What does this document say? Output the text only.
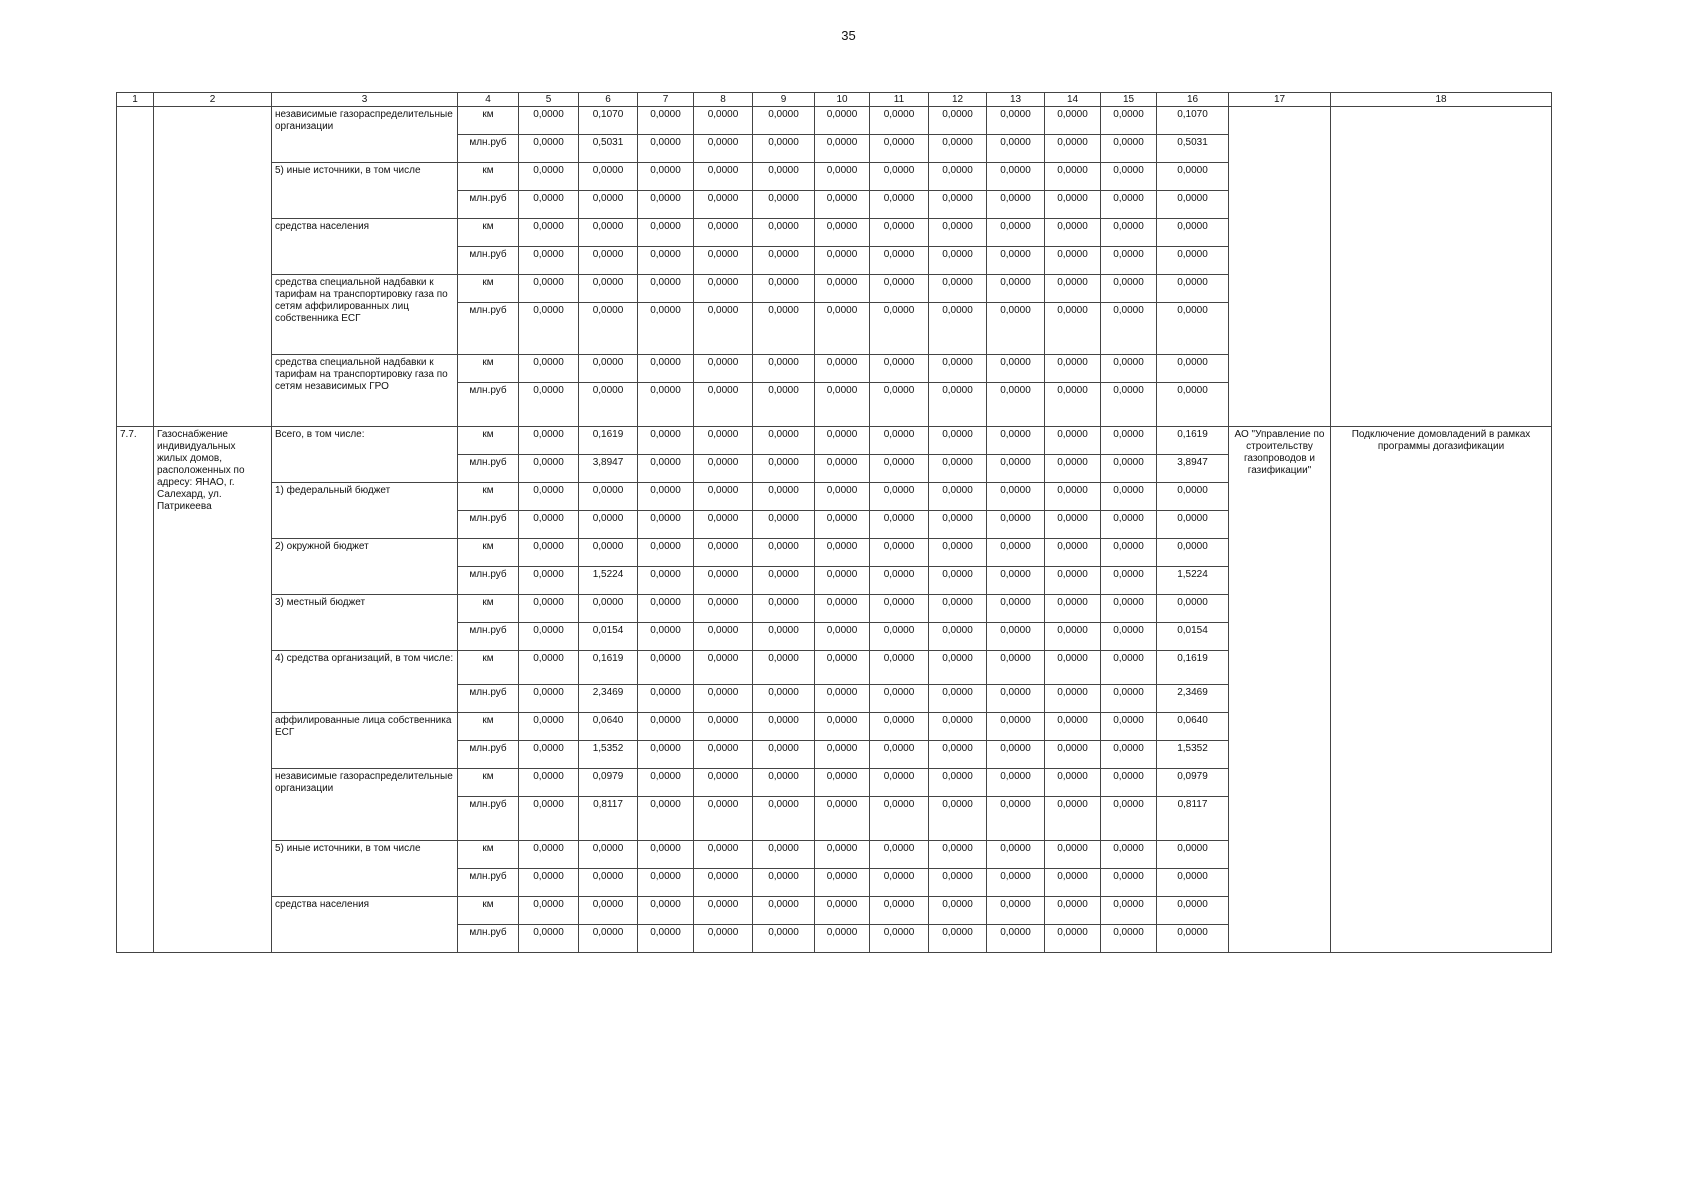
35
1	2	3	4	5	6	7	8	9	10	11	12	13	14	15	16	17	18
		независимые газораспределительные организации	км	0,0000	0,1070	0,0000	0,0000	0,0000	0,0000	0,0000	0,0000	0,0000	0,0000	0,0000	0,1070		
			млн.руб	0,0000	0,5031	0,0000	0,0000	0,0000	0,0000	0,0000	0,0000	0,0000	0,0000	0,0000	0,5031		
		5) иные источники, в том числе	км	0,0000	0,0000	0,0000	0,0000	0,0000	0,0000	0,0000	0,0000	0,0000	0,0000	0,0000	0,0000		
			млн.руб	0,0000	0,0000	0,0000	0,0000	0,0000	0,0000	0,0000	0,0000	0,0000	0,0000	0,0000	0,0000		
		средства населения	км	0,0000	0,0000	0,0000	0,0000	0,0000	0,0000	0,0000	0,0000	0,0000	0,0000	0,0000	0,0000		
			млн.руб	0,0000	0,0000	0,0000	0,0000	0,0000	0,0000	0,0000	0,0000	0,0000	0,0000	0,0000	0,0000		
		средства специальной надбавки к тарифам на транспортировку газа по сетям аффилированных лиц собственника ЕСГ	км	0,0000	0,0000	0,0000	0,0000	0,0000	0,0000	0,0000	0,0000	0,0000	0,0000	0,0000	0,0000		
			млн.руб	0,0000	0,0000	0,0000	0,0000	0,0000	0,0000	0,0000	0,0000	0,0000	0,0000	0,0000	0,0000		
		средства специальной надбавки к тарифам на транспортировку газа по сетям независимых ГРО	км	0,0000	0,0000	0,0000	0,0000	0,0000	0,0000	0,0000	0,0000	0,0000	0,0000	0,0000	0,0000		
			млн.руб	0,0000	0,0000	0,0000	0,0000	0,0000	0,0000	0,0000	0,0000	0,0000	0,0000	0,0000	0,0000		
7.7.	Газоснабжение индивидуальных жилых домов, расположенных по адресу: ЯНАО, г. Салехард, ул. Патрикеева	Всего, в том числе:	км	0,0000	0,1619	0,0000	0,0000	0,0000	0,0000	0,0000	0,0000	0,0000	0,0000	0,0000	0,1619	АО "Управление по строительству газопроводов и газификации"	Подключение домовладений в рамках программы догазификации
			млн.руб	0,0000	3,8947	0,0000	0,0000	0,0000	0,0000	0,0000	0,0000	0,0000	0,0000	0,0000	3,8947		
		1) федеральный бюджет	км	0,0000	0,0000	0,0000	0,0000	0,0000	0,0000	0,0000	0,0000	0,0000	0,0000	0,0000	0,0000		
			млн.руб	0,0000	0,0000	0,0000	0,0000	0,0000	0,0000	0,0000	0,0000	0,0000	0,0000	0,0000	0,0000		
		2) окружной бюджет	км	0,0000	0,0000	0,0000	0,0000	0,0000	0,0000	0,0000	0,0000	0,0000	0,0000	0,0000	0,0000		
			млн.руб	0,0000	1,5224	0,0000	0,0000	0,0000	0,0000	0,0000	0,0000	0,0000	0,0000	0,0000	1,5224		
		3) местный бюджет	км	0,0000	0,0000	0,0000	0,0000	0,0000	0,0000	0,0000	0,0000	0,0000	0,0000	0,0000	0,0000		
			млн.руб	0,0000	0,0154	0,0000	0,0000	0,0000	0,0000	0,0000	0,0000	0,0000	0,0000	0,0000	0,0154		
		4) средства организаций, в том числе:	км	0,0000	0,1619	0,0000	0,0000	0,0000	0,0000	0,0000	0,0000	0,0000	0,0000	0,0000	0,1619		
			млн.руб	0,0000	2,3469	0,0000	0,0000	0,0000	0,0000	0,0000	0,0000	0,0000	0,0000	0,0000	2,3469		
		аффилированные лица собственника ЕСГ	км	0,0000	0,0640	0,0000	0,0000	0,0000	0,0000	0,0000	0,0000	0,0000	0,0000	0,0000	0,0640		
			млн.руб	0,0000	1,5352	0,0000	0,0000	0,0000	0,0000	0,0000	0,0000	0,0000	0,0000	0,0000	1,5352		
		независимые газораспределительные организации	км	0,0000	0,0979	0,0000	0,0000	0,0000	0,0000	0,0000	0,0000	0,0000	0,0000	0,0000	0,0979		
			млн.руб	0,0000	0,8117	0,0000	0,0000	0,0000	0,0000	0,0000	0,0000	0,0000	0,0000	0,0000	0,8117		
		5) иные источники, в том числе	км	0,0000	0,0000	0,0000	0,0000	0,0000	0,0000	0,0000	0,0000	0,0000	0,0000	0,0000	0,0000		
			млн.руб	0,0000	0,0000	0,0000	0,0000	0,0000	0,0000	0,0000	0,0000	0,0000	0,0000	0,0000	0,0000		
		средства населения	км	0,0000	0,0000	0,0000	0,0000	0,0000	0,0000	0,0000	0,0000	0,0000	0,0000	0,0000	0,0000		
			млн.руб	0,0000	0,0000	0,0000	0,0000	0,0000	0,0000	0,0000	0,0000	0,0000	0,0000	0,0000	0,0000		
